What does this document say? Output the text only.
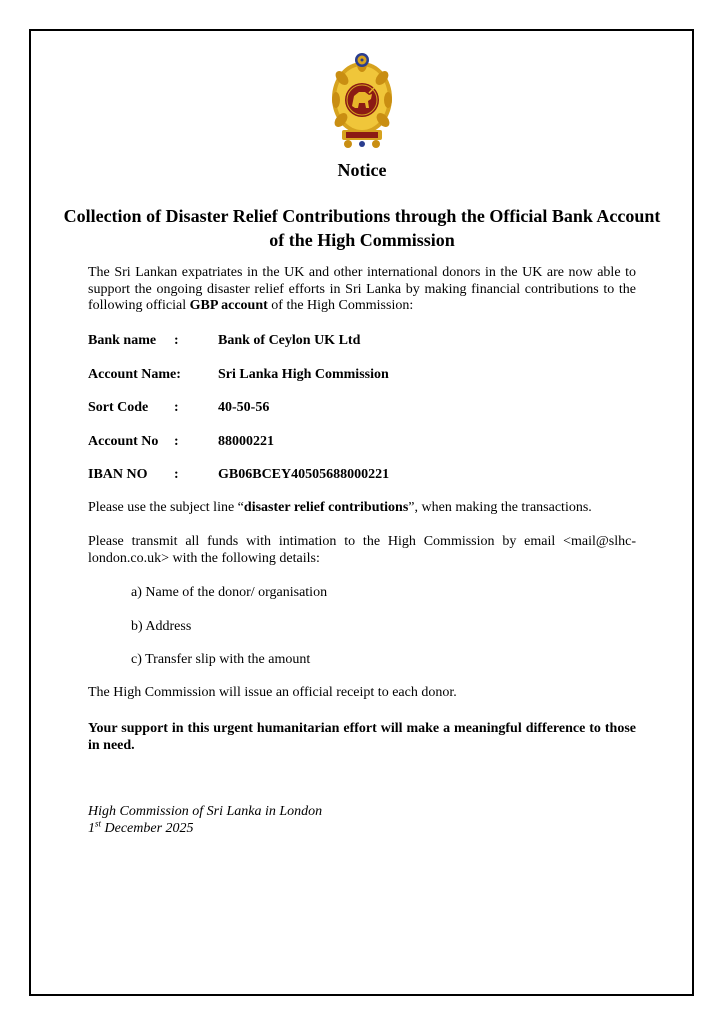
Notice
Collection of Disaster Relief Contributions through the Official Bank Account of the High Commission
The Sri Lankan expatriates in the UK and other international donors in the UK are now able to support the ongoing disaster relief efforts in Sri Lanka by making financial contributions to the following official GBP account of the High Commission:
Bank name :	Bank of Ceylon UK Ltd
Account Name:	Sri Lanka High Commission
Sort Code :	40-50-56
Account No :	88000221
IBAN NO :	GB06BCEY40505688000221
Please use the subject line “disaster relief contributions”, when making the transactions.
Please transmit all funds with intimation to the High Commission by email <mail@slhc-london.co.uk> with the following details:
a) Name of the donor/ organisation
b) Address
c) Transfer slip with the amount
The High Commission will issue an official receipt to each donor.
Your support in this urgent humanitarian effort will make a meaningful difference to those in need.
High Commission of Sri Lanka in London
1st December 2025
